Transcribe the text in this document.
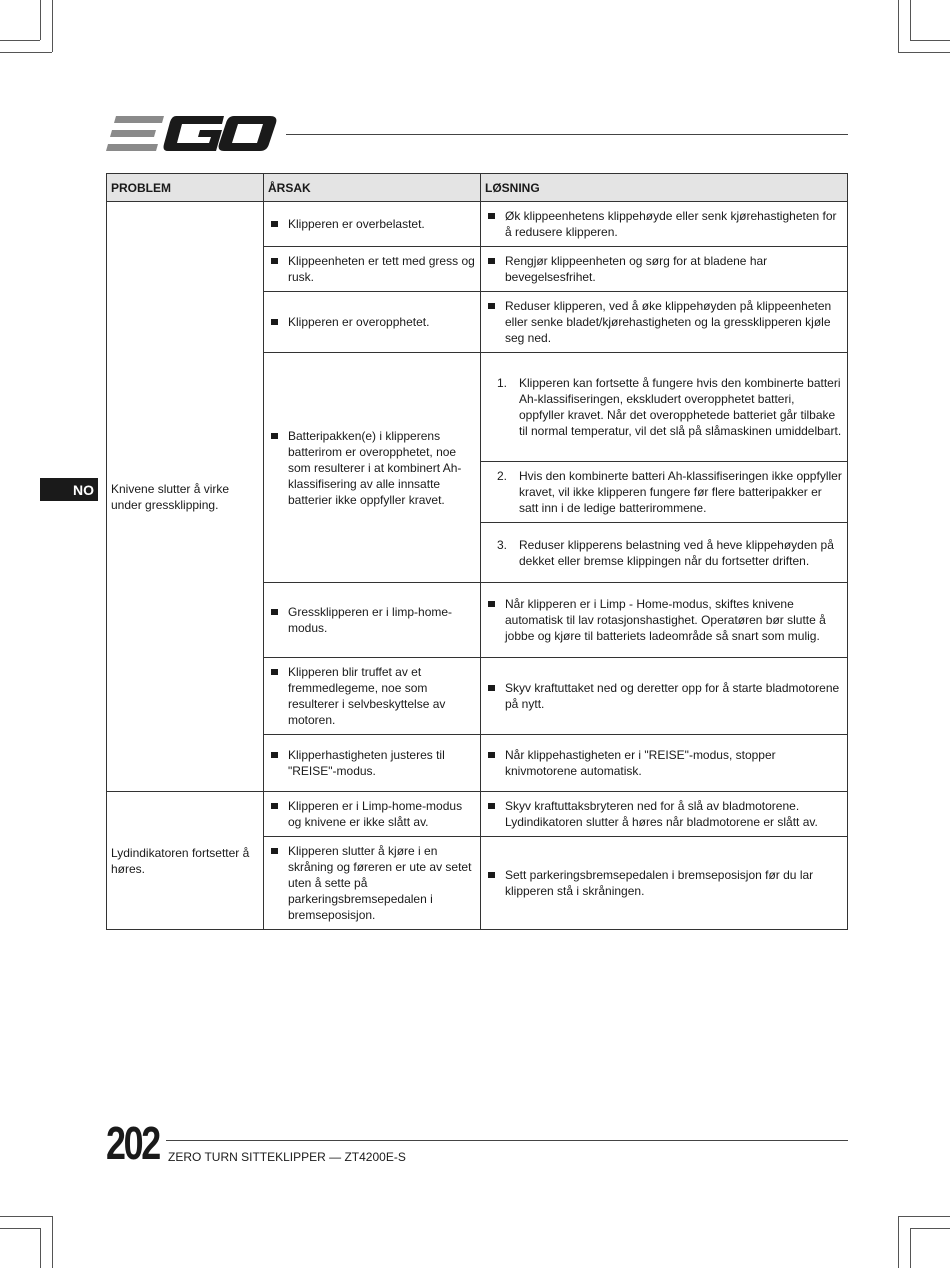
NO
PROBLEM	ÅRSAK	LØSNING
Knivene slutter å virke under gressklipping.	Klipperen er overbelastet.	Øk klippeenhetens klippehøyde eller senk kjørehastigheten for å redusere klipperen.

	Klippeenheten er tett med gress og rusk.	Rengjør klippeenheten og sørg for at bladene har bevegelsesfrihet.

	Klipperen er overopphetet.	Reduser klipperen, ved å øke klippehøyden på klippeenheten eller senke bladet/kjørehastigheten og la gressklipperen kjøle seg ned.

	Batteripakken(e) i klipperens batterirom er overopphetet, noe som resulterer i at kombinert Ah-klassifisering av alle innsatte batterier ikke oppfyller kravet.	1. Klipperen kan fortsette å fungere hvis den kombinerte batteri Ah-klassifiseringen, ekskludert overopphetet batteri, oppfyller kravet. Når det overopphetede batteriet går tilbake til normal temperatur, vil det slå på slåmaskinen umiddelbart.

		2. Hvis den kombinerte batteri Ah-klassifiseringen ikke oppfyller kravet, vil ikke klipperen fungere før flere batteripakker er satt inn i de ledige batterirommene.

		3. Reduser klipperens belastning ved å heve klippehøyden på dekket eller bremse klippingen når du fortsetter driften.

	Gressklipperen er i limp-home-modus.	Når klipperen er i Limp - Home-modus, skiftes knivene automatisk til lav rotasjonshastighet. Operatøren bør slutte å jobbe og kjøre til batteriets ladeområde så snart som mulig.

	Klipperen blir truffet av et fremmedlegeme, noe som resulterer i selvbeskyttelse av motoren.	Skyv kraftuttaket ned og deretter opp for å starte bladmotorene på nytt.

	Klipperhastigheten justeres til "REISE"-modus.	Når klippehastigheten er i "REISE"-modus, stopper knivmotorene automatisk.

Lydindikatoren fortsetter å høres.	Klipperen er i Limp-home-modus og knivene er ikke slått av.	Skyv kraftuttaksbryteren ned for å slå av bladmotorene. Lydindikatoren slutter å høres når bladmotorene er slått av.

	Klipperen slutter å kjøre i en skråning og føreren er ute av setet uten å sette på parkeringsbremsepedalen i bremseposisjon.	Sett parkeringsbremsepedalen i bremseposisjon før du lar klipperen stå i skråningen.
202 ZERO TURN SITTEKLIPPER — ZT4200E-S
